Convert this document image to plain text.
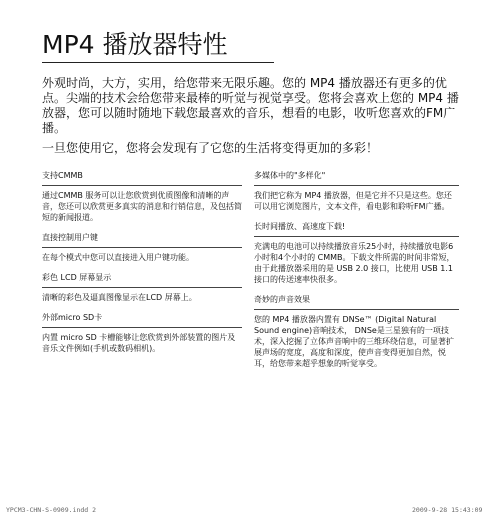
MP4 播放器特性

外观时尚，大方，实用，给您带来无限乐趣。您的 MP4 播放器还有更多的优点。尖端的技术会给您带来最棒的听觉与视觉享受。您将会喜欢上您的 MP4 播放器，您可以随时随地下载您最喜欢的音乐，想看的电影，收听您喜欢的FM广播。

一旦您使用它，您将会发现有了它您的生活将变得更加的多彩！

支持CMMB
通过CMMB 服务可以让您欣赏到优质图像和清晰的声音，您还可以欣赏更多真实的消息和行销信息，及包括简短的新闻报道。
直接控制用户键
在每个模式中您可以直接进入用户键功能。
彩色 LCD 屏幕显示
清晰的彩色及逼真图像显示在LCD 屏幕上。
外部micro SD卡
内置 micro SD 卡槽能够让您欣赏到外部装置的图片及音乐文件例如(手机或数码相机)。
多媒体中的"多样化"
我们把它称为 MP4 播放器，但是它并不只是这些。您还可以用它浏览图片，文本文件，看电影和聆听FM广播。
长时间播放、高速度下载!
充满电的电池可以持续播放音乐25小时，持续播放电影6小时和4个小时的 CMMB。下载文件所需的时间非常短，由于此播放器采用的是 USB 2.0 接口，比使用 USB 1.1接口的传送速率快很多。
奇妙的声音效果
您的 MP4 播放器内置有 DNSe™ (Digital Natural Sound engine)音响技术， DNSe是三星独有的一项技术，深入挖掘了立体声音响中的三维环绕信息，可显著扩展声场的宽度，高度和深度，使声音变得更加自然，悦耳，给您带来超乎想象的听觉享受。
YPCM3-CHN-S-0909.indd 2	2009-9-28 15:43:09
